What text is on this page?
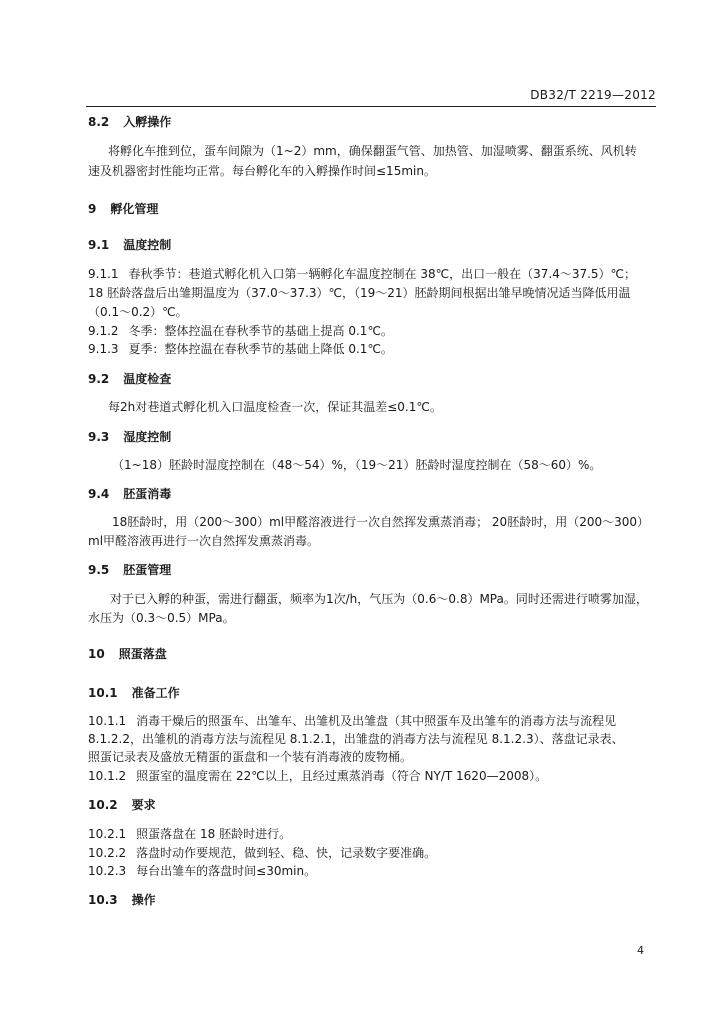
DB32/T 2219—2012
8.2 入孵操作
将孵化车推到位，蛋车间隙为（1~2）mm，确保翻蛋气管、加热管、加湿喷雾、翻蛋系统、风机转
速及机器密封性能均正常。每台孵化车的入孵操作时间≤15min。
9 孵化管理
9.1 温度控制
9.1.1 春秋季节：巷道式孵化机入口第一辆孵化车温度控制在 38℃，出口一般在（37.4～37.5）℃；
18 胚龄落盘后出雏期温度为（37.0～37.3）℃，（19～21）胚龄期间根据出雏早晚情况适当降低用温
（0.1～0.2）℃。
9.1.2 冬季：整体控温在春秋季节的基础上提高 0.1℃。
9.1.3 夏季：整体控温在春秋季节的基础上降低 0.1℃。
9.2 温度检查
每2h对巷道式孵化机入口温度检查一次，保证其温差≤0.1℃。
9.3 湿度控制
（1~18）胚龄时湿度控制在（48～54）%，（19～21）胚龄时湿度控制在（58～60）%。
9.4 胚蛋消毒
18胚龄时，用（200～300）ml甲醛溶液进行一次自然挥发熏蒸消毒； 20胚龄时，用（200～300）
ml甲醛溶液再进行一次自然挥发熏蒸消毒。
9.5 胚蛋管理
对于已入孵的种蛋，需进行翻蛋，频率为1次/h，气压为（0.6～0.8）MPa。同时还需进行喷雾加湿，
水压为（0.3～0.5）MPa。
10 照蛋落盘
10.1 准备工作
10.1.1 消毒干燥后的照蛋车、出雏车、出雏机及出雏盘（其中照蛋车及出雏车的消毒方法与流程见
8.1.2.2，出雏机的消毒方法与流程见 8.1.2.1，出雏盘的消毒方法与流程见 8.1.2.3）、落盘记录表、
照蛋记录表及盛放无精蛋的蛋盘和一个装有消毒液的废物桶。
10.1.2 照蛋室的温度需在 22℃以上，且经过熏蒸消毒（符合 NY/T 1620—2008）。
10.2 要求
10.2.1 照蛋落盘在 18 胚龄时进行。
10.2.2 落盘时动作要规范，做到轻、稳、快，记录数字要准确。
10.2.3 每台出雏车的落盘时间≤30min。
10.3 操作
4
